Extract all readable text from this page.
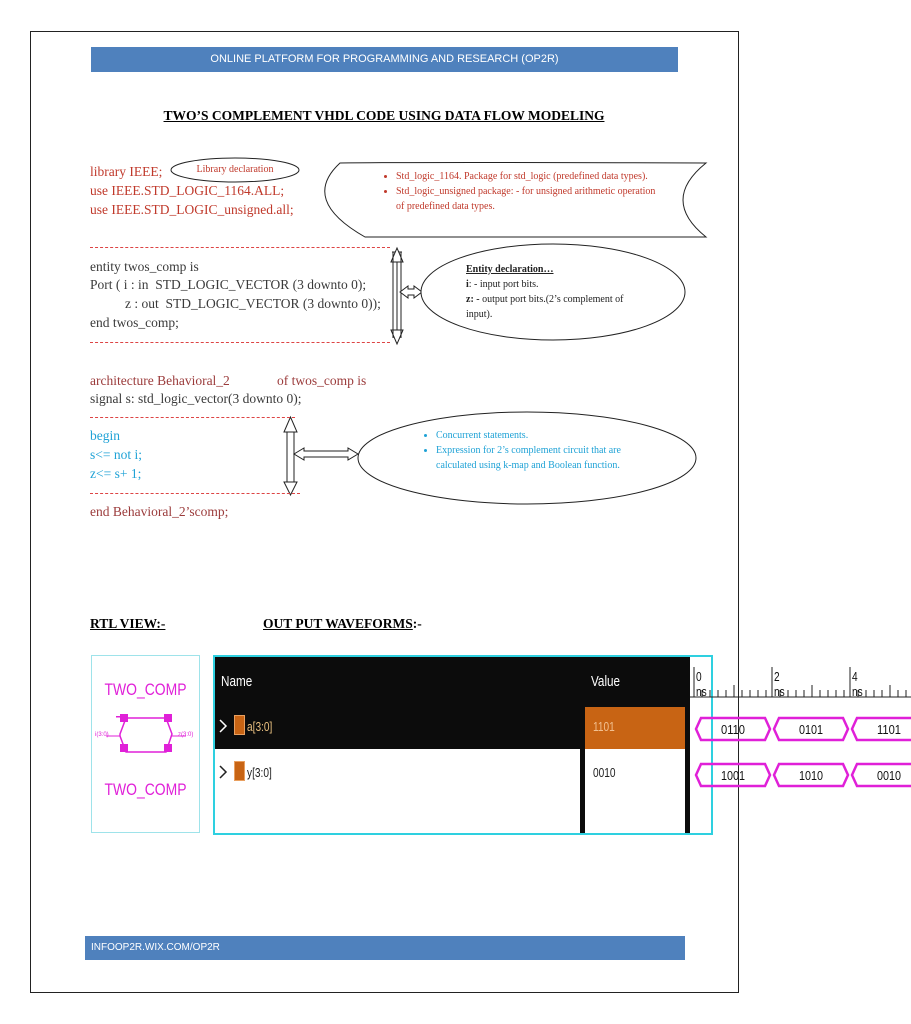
ONLINE PLATFORM FOR PROGRAMMING AND RESEARCH (OP2R)
TWO’S COMPLEMENT VHDL CODE USING DATA FLOW MODELING
library IEEE;
use IEEE.STD_LOGIC_1164.ALL;
use IEEE.STD_LOGIC_unsigned.all;
Library declaration
• Std_logic_1164. Package for std_logic (predefined data types).
• Std_logic_unsigned package: - for unsigned arithmetic operation of predefined data types.
entity twos_comp is
Port ( i : in  STD_LOGIC_VECTOR (3 downto 0);
z : out  STD_LOGIC_VECTOR (3 downto 0));
end twos_comp;
Entity declaration…
i: - input port bits.
z: - output port bits.(2’s complement of input).
architecture Behavioral_2	of twos_comp is
signal s: std_logic_vector(3 downto 0);
begin
s<= not i;
z<= s+ 1;
end Behavioral_2’scomp;
• Concurrent statements.
• Expression for 2’s complement circuit that are calculated using k-map and Boolean function.
RTL VIEW:-	OUT PUT WAVEFORMS:-
TWO_COMP
i(3:0)	z(3:0)
TWO_COMP
Name	Value
a[3:0]	1101
y[3:0]	0010
0110	0101	1101
1001	1010	0010
0 ns
2 ns
4 ns
INFOOP2R.WIX.COM/OP2R
